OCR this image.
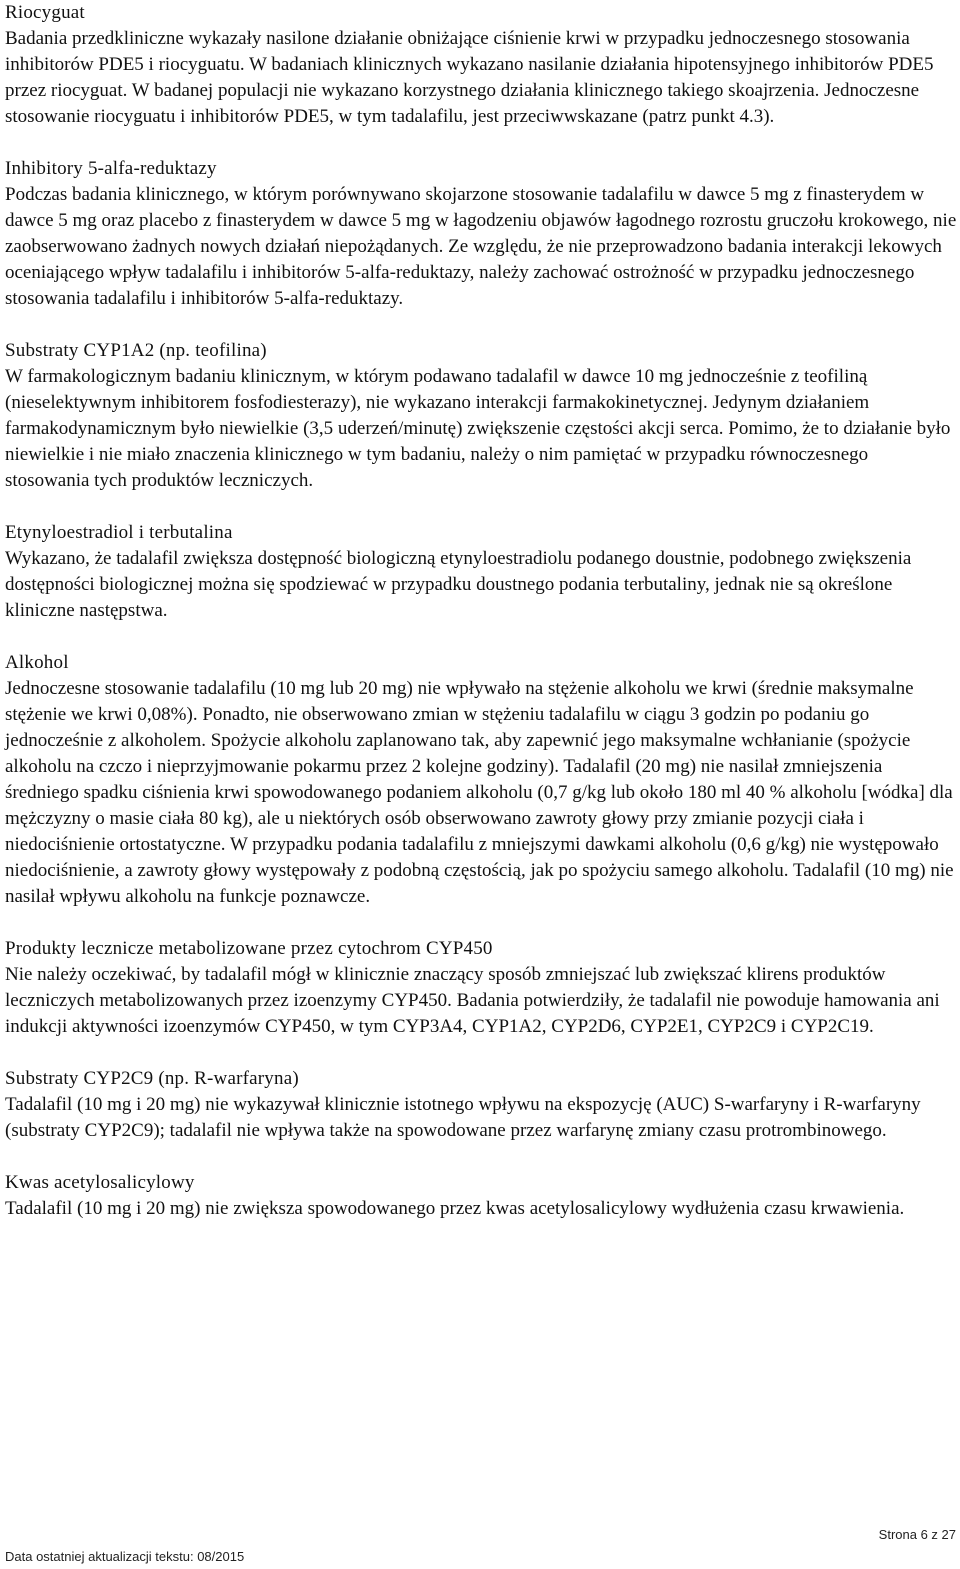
Riocyguat

Badania przedkliniczne wykazały nasilone działanie obniżające ciśnienie krwi w przypadku jednoczesnego stosowania inhibitorów PDE5 i riocyguatu. W badaniach klinicznych wykazano nasilanie działania hipotensyjnego inhibitorów PDE5 przez riocyguat. W badanej populacji nie wykazano korzystnego działania klinicznego takiego skoajrzenia. Jednoczesne stosowanie riocyguatu i inhibitorów PDE5, w tym tadalafilu, jest przeciwwskazane (patrz punkt 4.3).

Inhibitory 5-alfa-reduktazy

Podczas badania klinicznego, w którym porównywano skojarzone stosowanie tadalafilu w dawce 5 mg z finasterydem w dawce 5 mg oraz placebo z finasterydem w dawce 5 mg w łagodzeniu objawów łagodnego rozrostu gruczołu krokowego, nie zaobserwowano żadnych nowych działań niepożądanych. Ze względu, że nie przeprowadzono badania interakcji lekowych oceniającego wpływ tadalafilu i inhibitorów 5-alfa-reduktazy, należy zachować ostrożność w przypadku jednoczesnego stosowania tadalafilu i inhibitorów 5-alfa-reduktazy.

Substraty CYP1A2 (np. teofilina)

W farmakologicznym badaniu klinicznym, w którym podawano tadalafil w dawce 10 mg jednocześnie z teofiliną (nieselektywnym inhibitorem fosfodiesterazy), nie wykazano interakcji farmakokinetycznej. Jedynym działaniem farmakodynamicznym było niewielkie (3,5 uderzeń/minutę) zwiększenie częstości akcji serca. Pomimo, że to działanie było niewielkie i nie miało znaczenia klinicznego w tym badaniu, należy o nim pamiętać w przypadku równoczesnego stosowania tych produktów leczniczych.

Etynyloestradiol i terbutalina

Wykazano, że tadalafil zwiększa dostępność biologiczną etynyloestradiolu podanego doustnie, podobnego zwiększenia dostępności biologicznej można się spodziewać w przypadku doustnego podania terbutaliny, jednak nie są określone kliniczne następstwa.

Alkohol

Jednoczesne stosowanie tadalafilu (10 mg lub 20 mg) nie wpływało na stężenie alkoholu we krwi (średnie maksymalne stężenie we krwi 0,08%). Ponadto, nie obserwowano zmian w stężeniu tadalafilu w ciągu 3 godzin po podaniu go jednocześnie z alkoholem. Spożycie alkoholu zaplanowano tak, aby zapewnić jego maksymalne wchłanianie (spożycie alkoholu na czczo i nieprzyjmowanie pokarmu przez 2 kolejne godziny). Tadalafil (20 mg) nie nasilał zmniejszenia średniego spadku ciśnienia krwi spowodowanego podaniem alkoholu (0,7 g/kg lub około 180 ml 40 % alkoholu [wódka] dla mężczyzny o masie ciała 80 kg), ale u niektórych osób obserwowano zawroty głowy przy zmianie pozycji ciała i niedociśnienie ortostatyczne. W przypadku podania tadalafilu z mniejszymi dawkami alkoholu (0,6 g/kg) nie występowało niedociśnienie, a zawroty głowy występowały z podobną częstością, jak po spożyciu samego alkoholu. Tadalafil (10 mg) nie nasilał wpływu alkoholu na funkcje poznawcze.

Produkty lecznicze metabolizowane przez cytochrom CYP450

Nie należy oczekiwać, by tadalafil mógł w klinicznie znaczący sposób zmniejszać lub zwiększać klirens produktów leczniczych metabolizowanych przez izoenzymy CYP450. Badania potwierdziły, że tadalafil nie powoduje hamowania ani indukcji aktywności izoenzymów CYP450, w tym CYP3A4, CYP1A2, CYP2D6, CYP2E1, CYP2C9 i CYP2C19.

Substraty CYP2C9 (np. R-warfaryna)

Tadalafil (10 mg i 20 mg) nie wykazywał klinicznie istotnego wpływu na ekspozycję (AUC) S-warfaryny i R-warfaryny (substraty CYP2C9); tadalafil nie wpływa także na spowodowane przez warfarynę zmiany czasu protrombinowego.

Kwas acetylosalicylowy

Tadalafil (10 mg i 20 mg) nie zwiększa spowodowanego przez kwas acetylosalicylowy wydłużenia czasu krwawienia.

Strona 6 z 27
Data ostatniej aktualizacji tekstu: 08/2015
